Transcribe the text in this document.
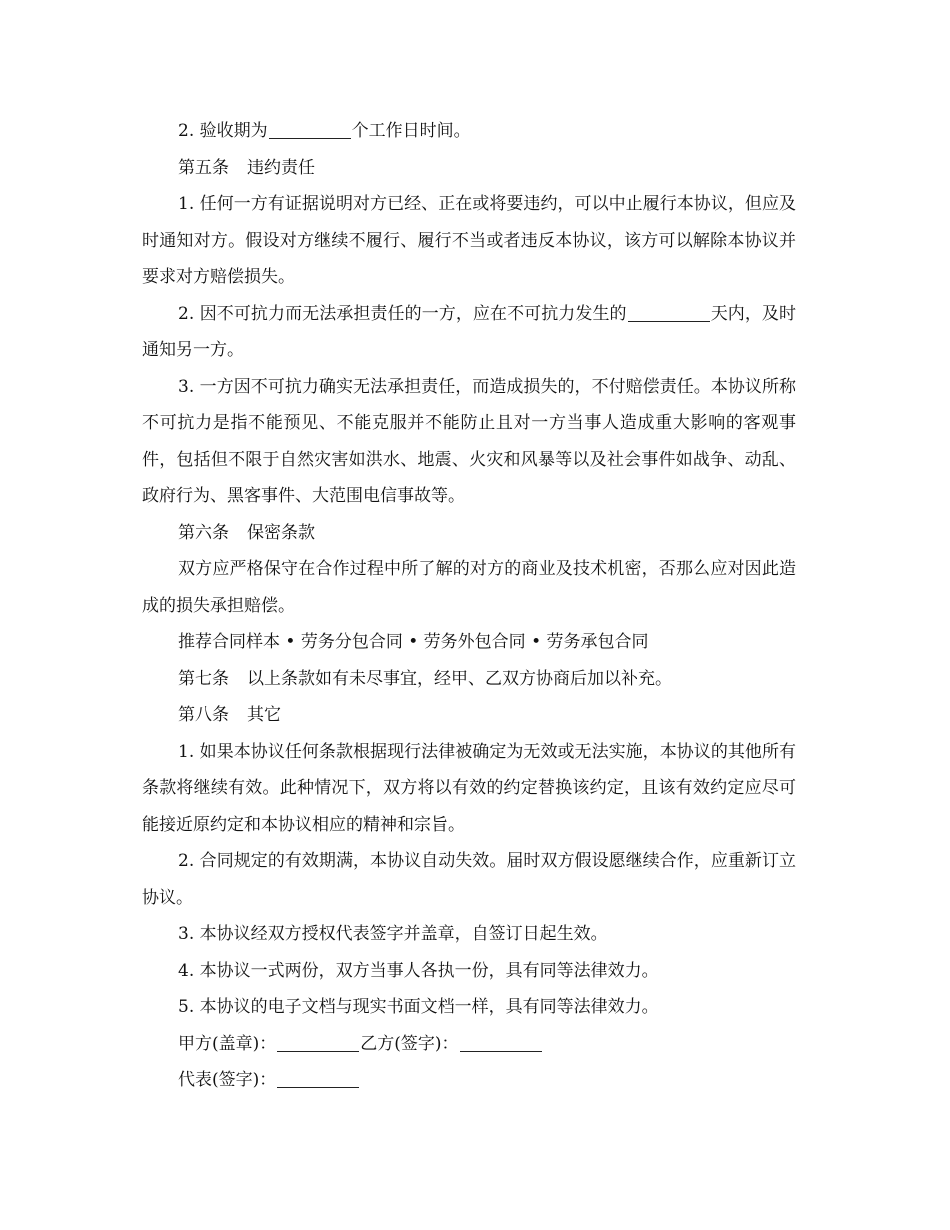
2. 验收期为	个工作日时间。

第五条 违约责任

1. 任何一方有证据说明对方已经、正在或将要违约，可以中止履行本协议，但应及时通知对方。假设对方继续不履行、履行不当或者违反本协议，该方可以解除本协议并要求对方赔偿损失。

2. 因不可抗力而无法承担责任的一方，应在不可抗力发生的	天内，及时通知另一方。

3. 一方因不可抗力确实无法承担责任，而造成损失的，不付赔偿责任。本协议所称不可抗力是指不能预见、不能克服并不能防止且对一方当事人造成重大影响的客观事件，包括但不限于自然灾害如洪水、地震、火灾和风暴等以及社会事件如战争、动乱、政府行为、黑客事件、大范围电信事故等。

第六条 保密条款

双方应严格保守在合作过程中所了解的对方的商业及技术机密，否那么应对因此造成的损失承担赔偿。

推荐合同样本 • 劳务分包合同 • 劳务外包合同 • 劳务承包合同

第七条 以上条款如有未尽事宜，经甲、乙双方协商后加以补充。

第八条 其它

1. 如果本协议任何条款根据现行法律被确定为无效或无法实施，本协议的其他所有条款将继续有效。此种情况下，双方将以有效的约定替换该约定，且该有效约定应尽可能接近原约定和本协议相应的精神和宗旨。

2. 合同规定的有效期满，本协议自动失效。届时双方假设愿继续合作，应重新订立协议。

3. 本协议经双方授权代表签字并盖章，自签订日起生效。

4. 本协议一式两份，双方当事人各执一份，具有同等法律效力。

5. 本协议的电子文档与现实书面文档一样，具有同等法律效力。

甲方(盖章)：	乙方(签字)：

代表(签字)：
